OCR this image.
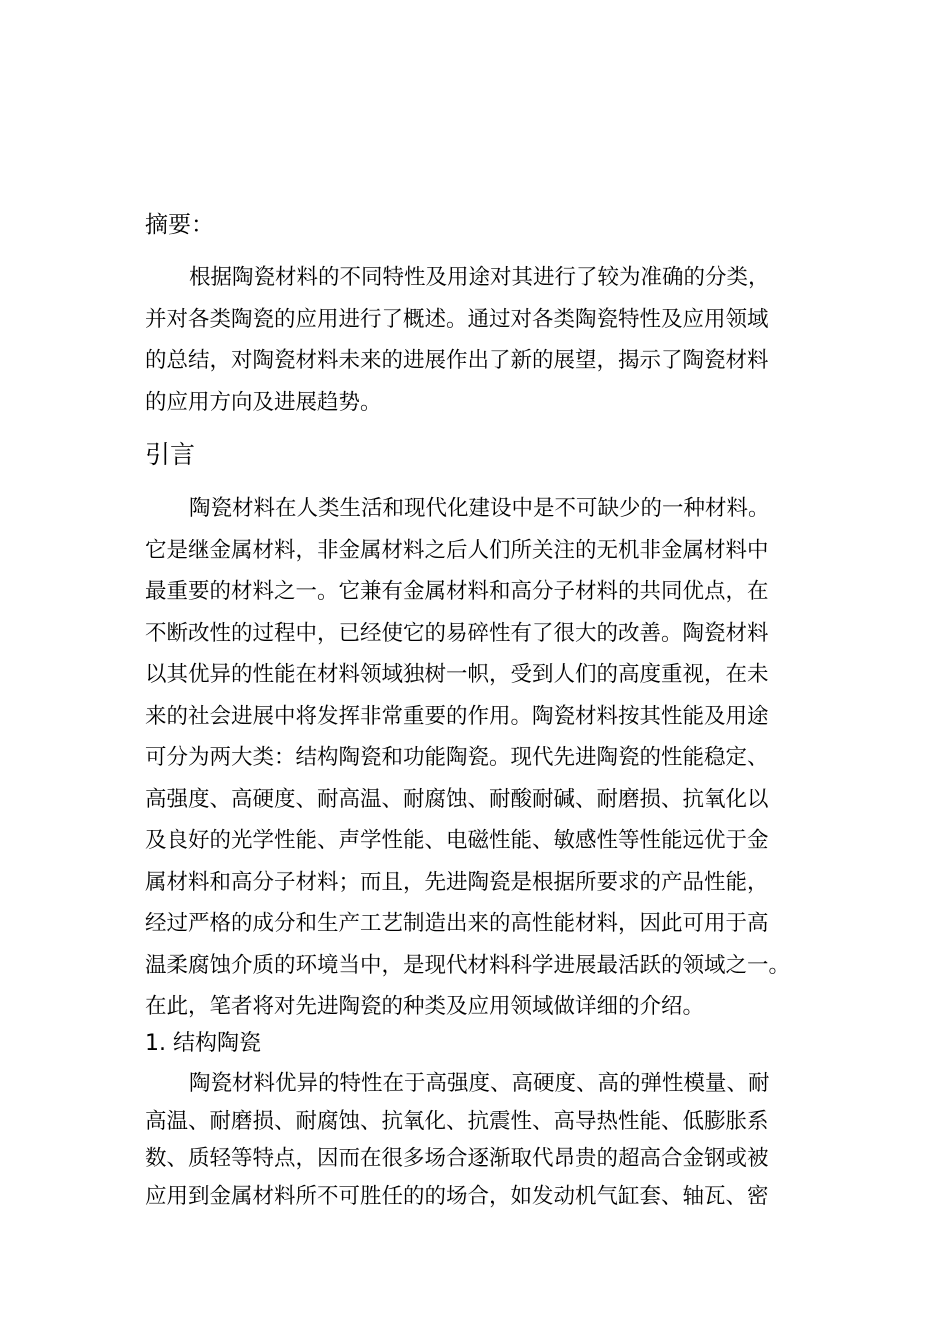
摘要：
根据陶瓷材料的不同特性及用途对其进行了较为准确的分类，
并对各类陶瓷的应用进行了概述。通过对各类陶瓷特性及应用领域
的总结，对陶瓷材料未来的进展作出了新的展望，揭示了陶瓷材料
的应用方向及进展趋势。
引言
陶瓷材料在人类生活和现代化建设中是不可缺少的一种材料。
它是继金属材料，非金属材料之后人们所关注的无机非金属材料中
最重要的材料之一。它兼有金属材料和高分子材料的共同优点，在
不断改性的过程中，已经使它的易碎性有了很大的改善。陶瓷材料
以其优异的性能在材料领域独树一帜，受到人们的高度重视，在未
来的社会进展中将发挥非常重要的作用。陶瓷材料按其性能及用途
可分为两大类：结构陶瓷和功能陶瓷。现代先进陶瓷的性能稳定、
高强度、高硬度、耐高温、耐腐蚀、耐酸耐碱、耐磨损、抗氧化以
及良好的光学性能、声学性能、电磁性能、敏感性等性能远优于金
属材料和高分子材料；而且，先进陶瓷是根据所要求的产品性能，
经过严格的成分和生产工艺制造出来的高性能材料，因此可用于高
温柔腐蚀介质的环境当中，是现代材料科学进展最活跃的领域之一。
在此，笔者将对先进陶瓷的种类及应用领域做详细的介绍。
1. 结构陶瓷
陶瓷材料优异的特性在于高强度、高硬度、高的弹性模量、耐
高温、耐磨损、耐腐蚀、抗氧化、抗震性、高导热性能、低膨胀系
数、质轻等特点，因而在很多场合逐渐取代昂贵的超高合金钢或被
应用到金属材料所不可胜任的的场合，如发动机气缸套、轴瓦、密
